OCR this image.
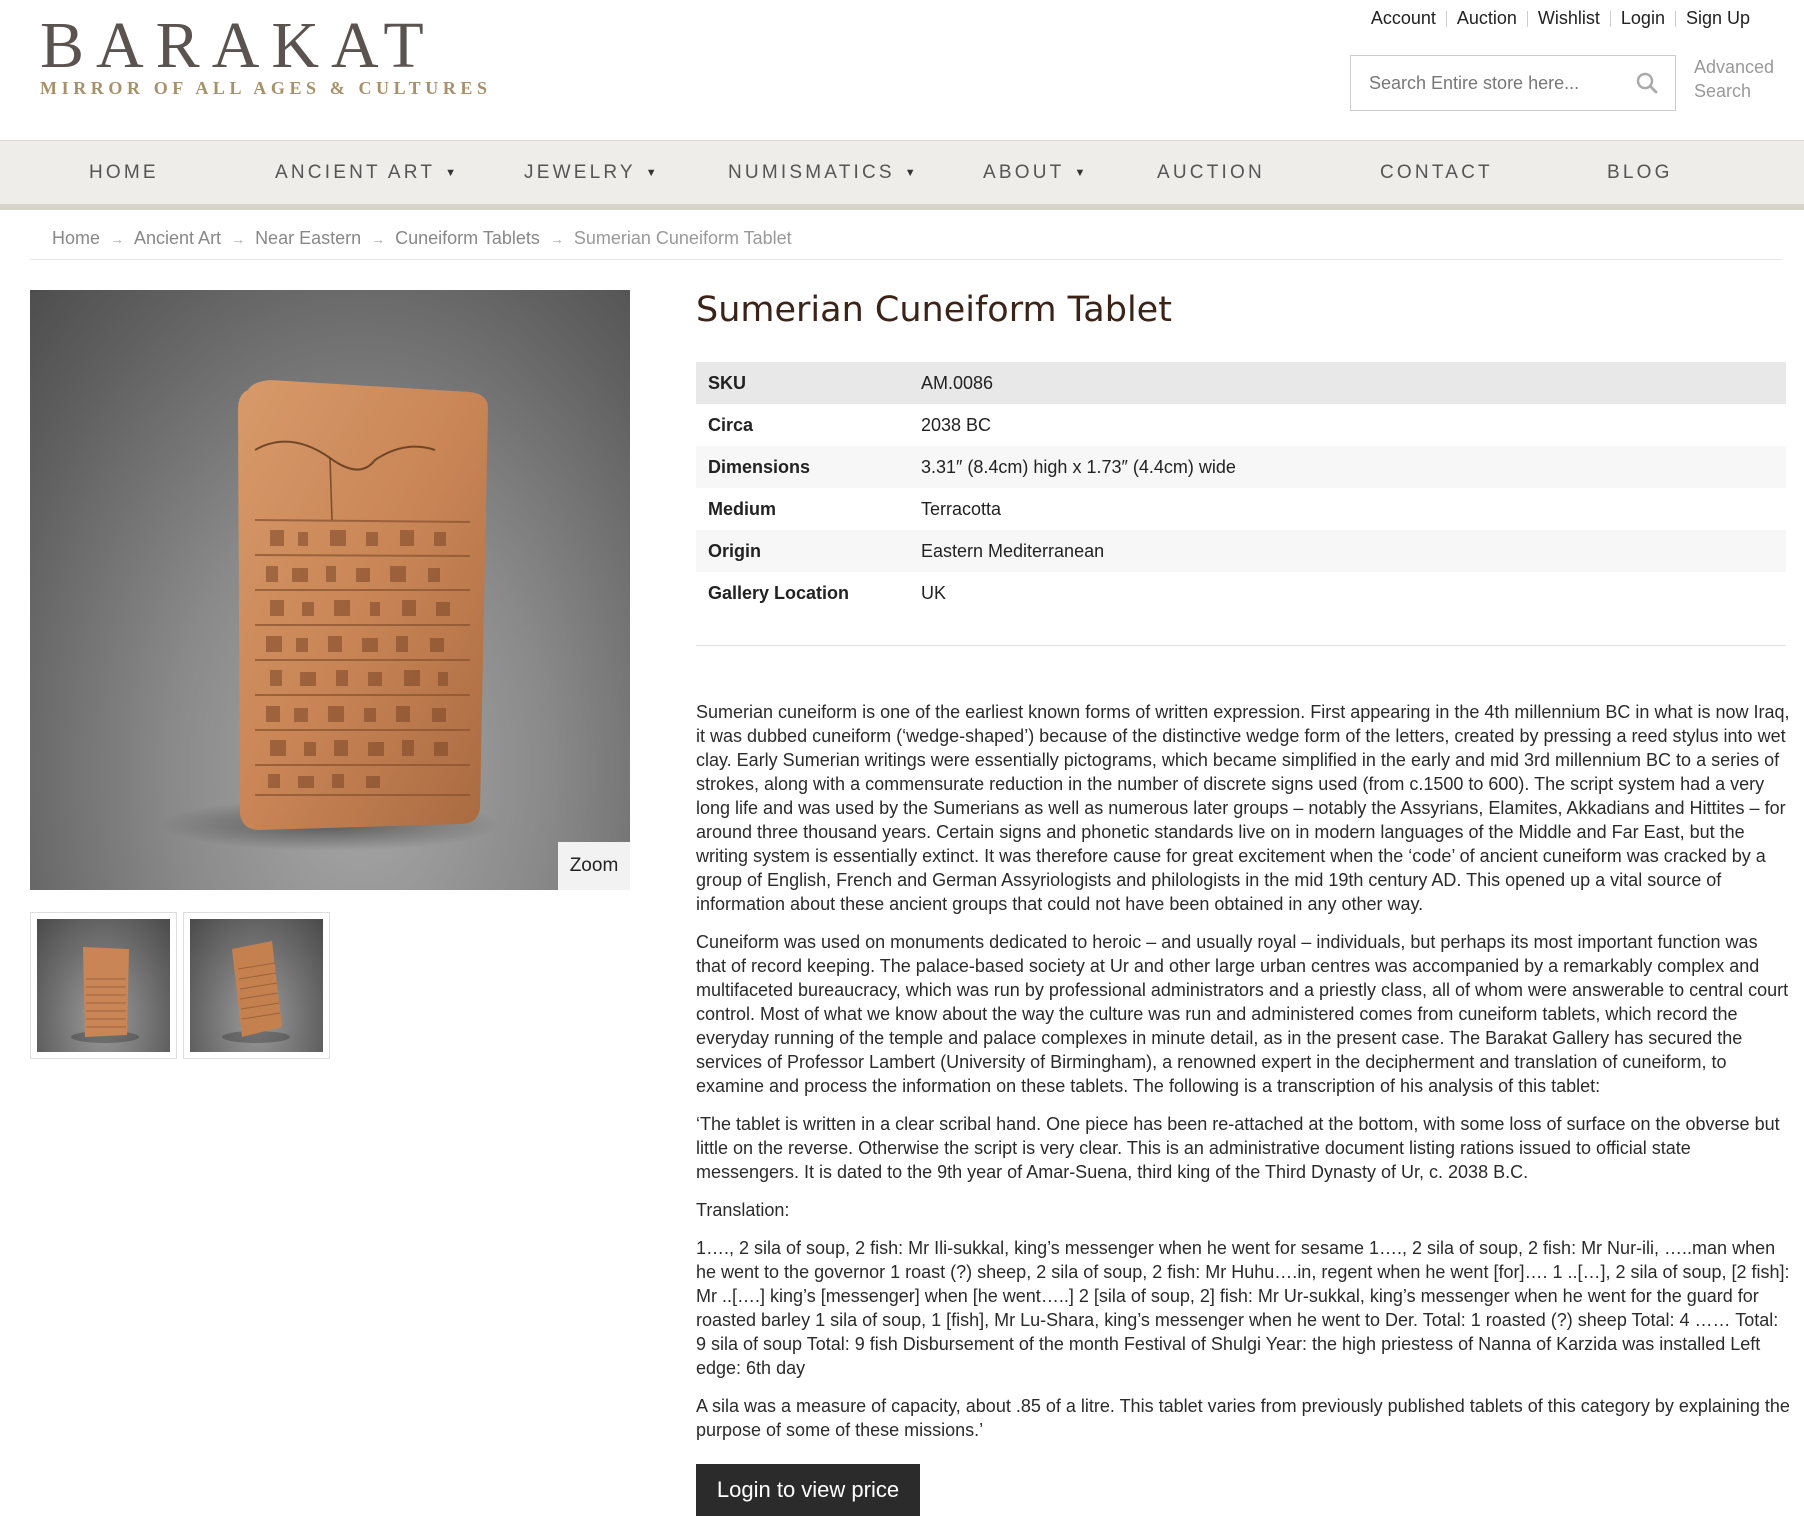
BARAKAT
MIRROR OF ALL AGES & CULTURES
Account Auction Wishlist Login Sign Up
Search Entire store here...
Advanced Search
HOME	ANCIENT ART ▼	JEWELRY ▼	NUMISMATICS ▼	ABOUT ▼	AUCTION	CONTACT	BLOG
Home → Ancient Art → Near Eastern → Cuneiform Tablets → Sumerian Cuneiform Tablet
Zoom
Sumerian Cuneiform Tablet
SKU	AM.0086
Circa	2038 BC
Dimensions	3.31″ (8.4cm) high x 1.73″ (4.4cm) wide
Medium	Terracotta
Origin	Eastern Mediterranean
Gallery Location	UK

Sumerian cuneiform is one of the earliest known forms of written expression. First appearing in the 4th millennium BC in what is now Iraq, it was dubbed cuneiform (‘wedge-shaped’) because of the distinctive wedge form of the letters, created by pressing a reed stylus into wet clay. Early Sumerian writings were essentially pictograms, which became simplified in the early and mid 3rd millennium BC to a series of strokes, along with a commensurate reduction in the number of discrete signs used (from c.1500 to 600). The script system had a very long life and was used by the Sumerians as well as numerous later groups – notably the Assyrians, Elamites, Akkadians and Hittites – for around three thousand years. Certain signs and phonetic standards live on in modern languages of the Middle and Far East, but the writing system is essentially extinct. It was therefore cause for great excitement when the ‘code’ of ancient cuneiform was cracked by a group of English, French and German Assyriologists and philologists in the mid 19th century AD. This opened up a vital source of information about these ancient groups that could not have been obtained in any other way.

Cuneiform was used on monuments dedicated to heroic – and usually royal – individuals, but perhaps its most important function was that of record keeping. The palace-based society at Ur and other large urban centres was accompanied by a remarkably complex and multifaceted bureaucracy, which was run by professional administrators and a priestly class, all of whom were answerable to central court control. Most of what we know about the way the culture was run and administered comes from cuneiform tablets, which record the everyday running of the temple and palace complexes in minute detail, as in the present case. The Barakat Gallery has secured the services of Professor Lambert (University of Birmingham), a renowned expert in the decipherment and translation of cuneiform, to examine and process the information on these tablets. The following is a transcription of his analysis of this tablet:

‘The tablet is written in a clear scribal hand. One piece has been re-attached at the bottom, with some loss of surface on the obverse but little on the reverse. Otherwise the script is very clear. This is an administrative document listing rations issued to official state messengers. It is dated to the 9th year of Amar-Suena, third king of the Third Dynasty of Ur, c. 2038 B.C.

Translation:

1…., 2 sila of soup, 2 fish: Mr Ili-sukkal, king’s messenger when he went for sesame 1…., 2 sila of soup, 2 fish: Mr Nur-ili, …..man when he went to the governor 1 roast (?) sheep, 2 sila of soup, 2 fish: Mr Huhu….in, regent when he went [for]…. 1 ..[…], 2 sila of soup, [2 fish]: Mr ..[….] king’s [messenger] when [he went…..] 2 [sila of soup, 2] fish: Mr Ur-sukkal, king’s messenger when he went for the guard for roasted barley 1 sila of soup, 1 [fish], Mr Lu-Shara, king’s messenger when he went to Der. Total: 1 roasted (?) sheep Total: 4 …… Total: 9 sila of soup Total: 9 fish Disbursement of the month Festival of Shulgi Year: the high priestess of Nanna of Karzida was installed Left edge: 6th day

A sila was a measure of capacity, about .85 of a litre. This tablet varies from previously published tablets of this category by explaining the purpose of some of these missions.’

Login to view price
